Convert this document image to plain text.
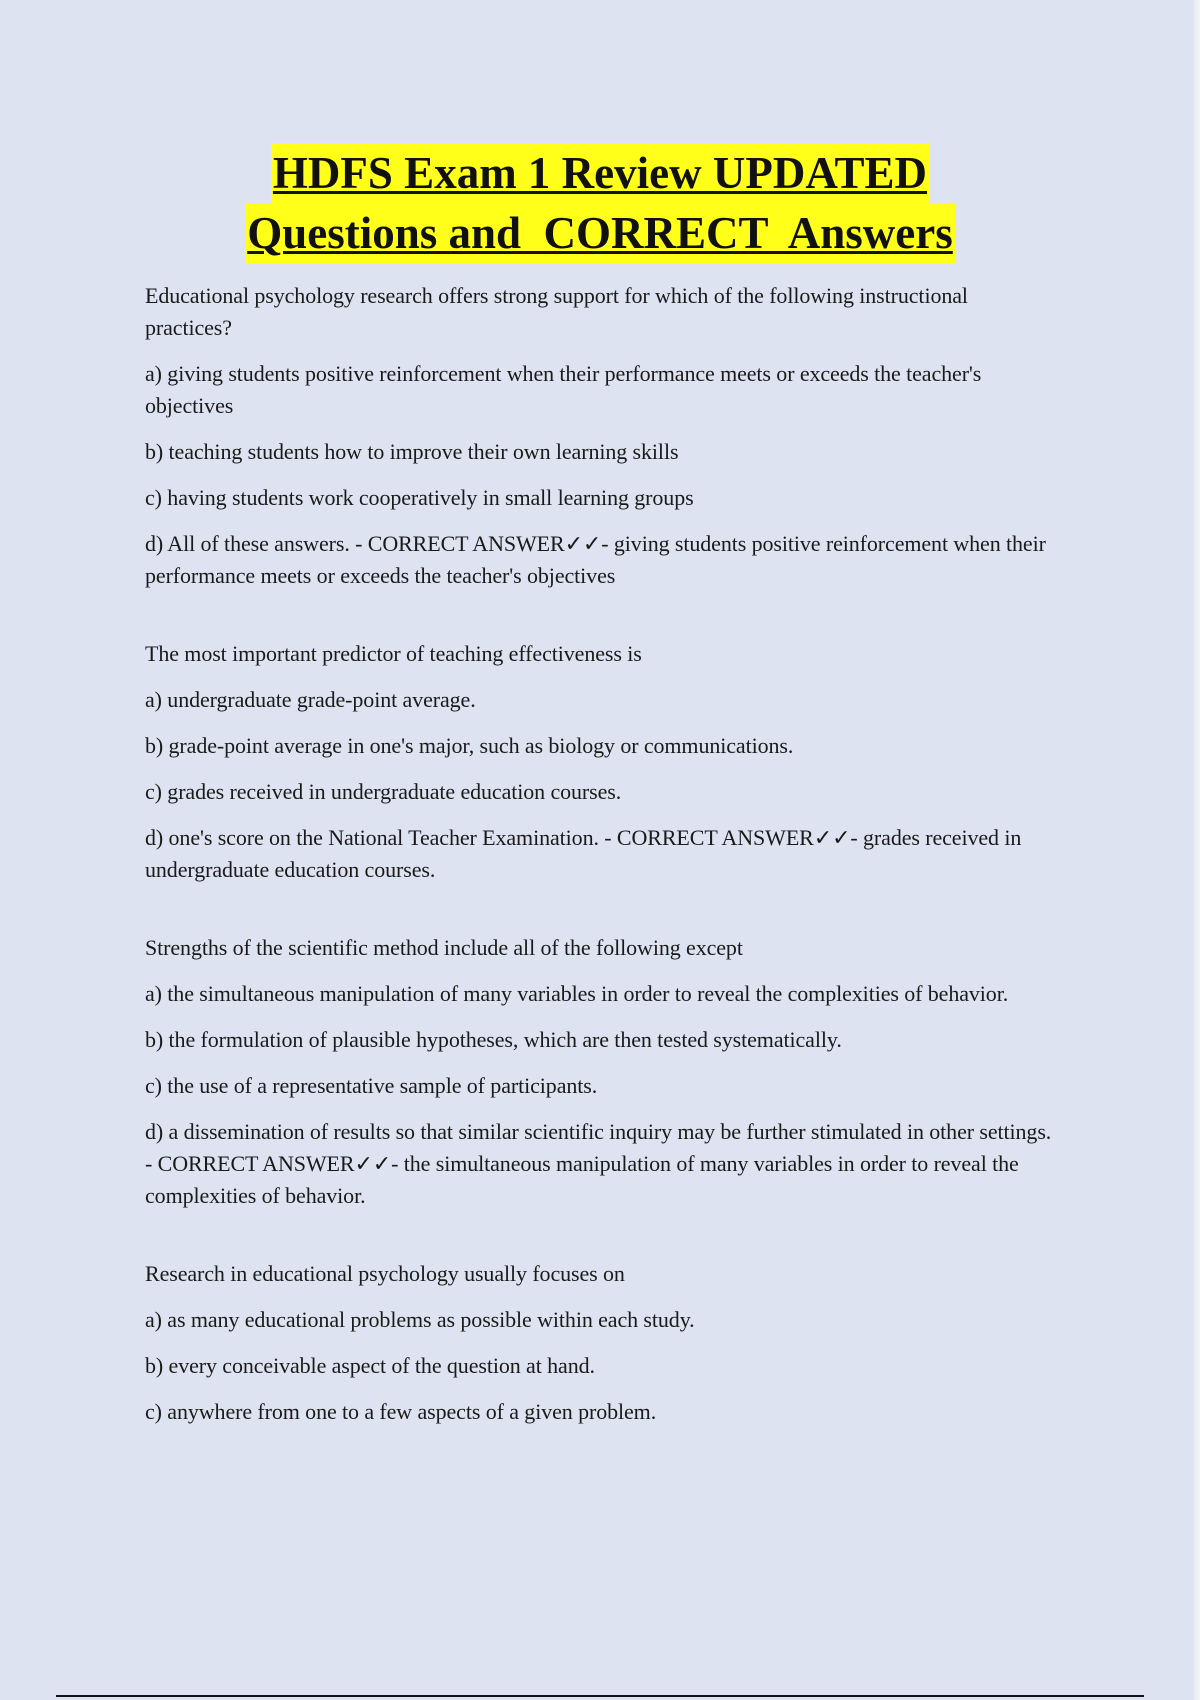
HDFS Exam 1 Review UPDATED
Questions and  CORRECT  Answers

Educational psychology research offers strong support for which of the following instructional practices?

a) giving students positive reinforcement when their performance meets or exceeds the teacher's objectives

b) teaching students how to improve their own learning skills

c) having students work cooperatively in small learning groups

d) All of these answers. - CORRECT ANSWER✓✓- giving students positive reinforcement when their performance meets or exceeds the teacher's objectives

The most important predictor of teaching effectiveness is

a) undergraduate grade-point average.

b) grade-point average in one's major, such as biology or communications.

c) grades received in undergraduate education courses.

d) one's score on the National Teacher Examination. - CORRECT ANSWER✓✓- grades received in undergraduate education courses.

Strengths of the scientific method include all of the following except

a) the simultaneous manipulation of many variables in order to reveal the complexities of behavior.

b) the formulation of plausible hypotheses, which are then tested systematically.

c) the use of a representative sample of participants.

d) a dissemination of results so that similar scientific inquiry may be further stimulated in other settings. - CORRECT ANSWER✓✓- the simultaneous manipulation of many variables in order to reveal the complexities of behavior.

Research in educational psychology usually focuses on

a) as many educational problems as possible within each study.

b) every conceivable aspect of the question at hand.

c) anywhere from one to a few aspects of a given problem.
